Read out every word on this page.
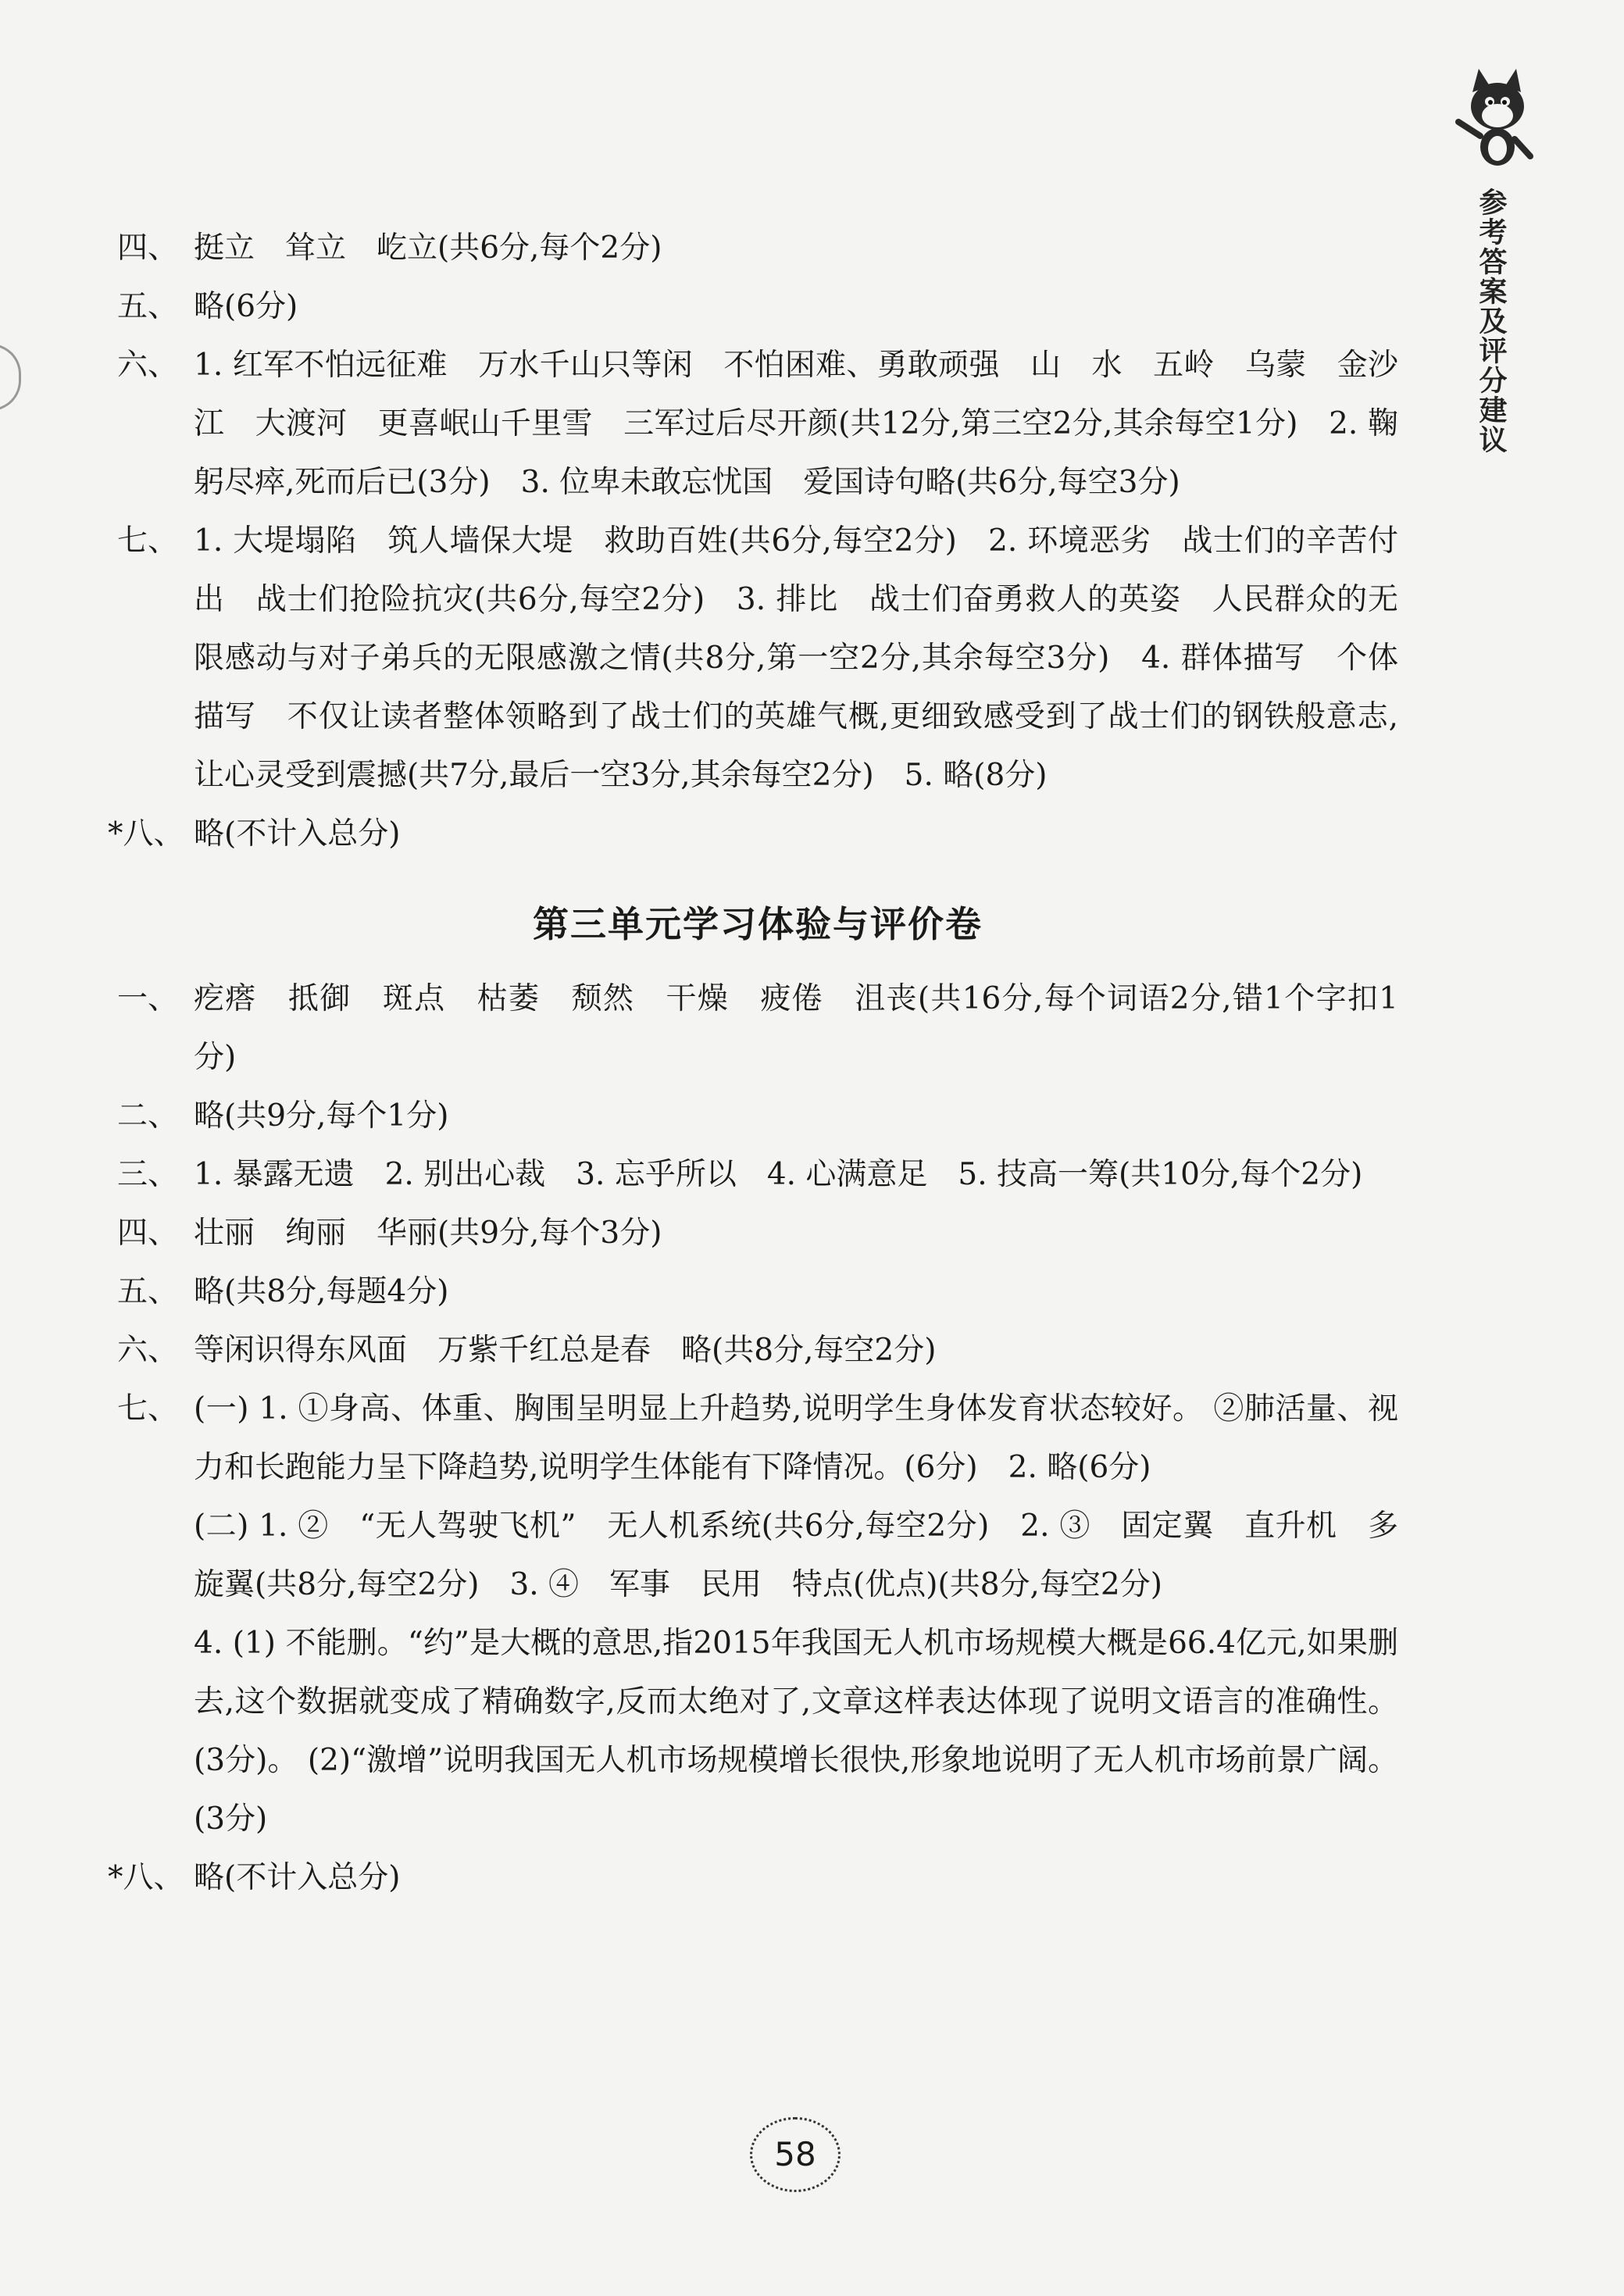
参考答案及评分建议
四、 挺立　耸立　屹立(共6分,每个2分)

五、 略(6分)

六、 1. 红军不怕远征难　万水千山只等闲　不怕困难、勇敢顽强　山　水　五岭　乌蒙　金沙江　大渡河　更喜岷山千里雪　三军过后尽开颜(共12分,第三空2分,其余每空1分)　2. 鞠躬尽瘁,死而后已(3分)　3. 位卑未敢忘忧国　爱国诗句略(共6分,每空3分)

七、 1. 大堤塌陷　筑人墙保大堤　救助百姓(共6分,每空2分)　2. 环境恶劣　战士们的辛苦付出　战士们抢险抗灾(共6分,每空2分)　3. 排比　战士们奋勇救人的英姿　人民群众的无限感动与对子弟兵的无限感激之情(共8分,第一空2分,其余每空3分)　4. 群体描写　个体描写　不仅让读者整体领略到了战士们的英雄气概,更细致感受到了战士们的钢铁般意志,让心灵受到震撼(共7分,最后一空3分,其余每空2分)　5. 略(8分)

*八、 略(不计入总分)

第三单元学习体验与评价卷
一、 疙瘩　抵御　斑点　枯萎　颓然　干燥　疲倦　沮丧(共16分,每个词语2分,错1个字扣1分)

二、 略(共9分,每个1分)

三、 1. 暴露无遗　2. 别出心裁　3. 忘乎所以　4. 心满意足　5. 技高一筹(共10分,每个2分)

四、 壮丽　绚丽　华丽(共9分,每个3分)

五、 略(共8分,每题4分)

六、 等闲识得东风面　万紫千红总是春　略(共8分,每空2分)

七、 (一) 1. ①身高、体重、胸围呈明显上升趋势,说明学生身体发育状态较好。 ②肺活量、视力和长跑能力呈下降趋势,说明学生体能有下降情况。(6分)　2. 略(6分)

(二) 1. ②　“无人驾驶飞机”　无人机系统(共6分,每空2分)　2. ③　固定翼　直升机　多旋翼(共8分,每空2分)　3. ④　军事　民用　特点(优点)(共8分,每空2分)

4. (1) 不能删。“约”是大概的意思,指2015年我国无人机市场规模大概是66.4亿元,如果删去,这个数据就变成了精确数字,反而太绝对了,文章这样表达体现了说明文语言的准确性。(3分)。 (2)“激增”说明我国无人机市场规模增长很快,形象地说明了无人机市场前景广阔。(3分)

*八、 略(不计入总分)

58
